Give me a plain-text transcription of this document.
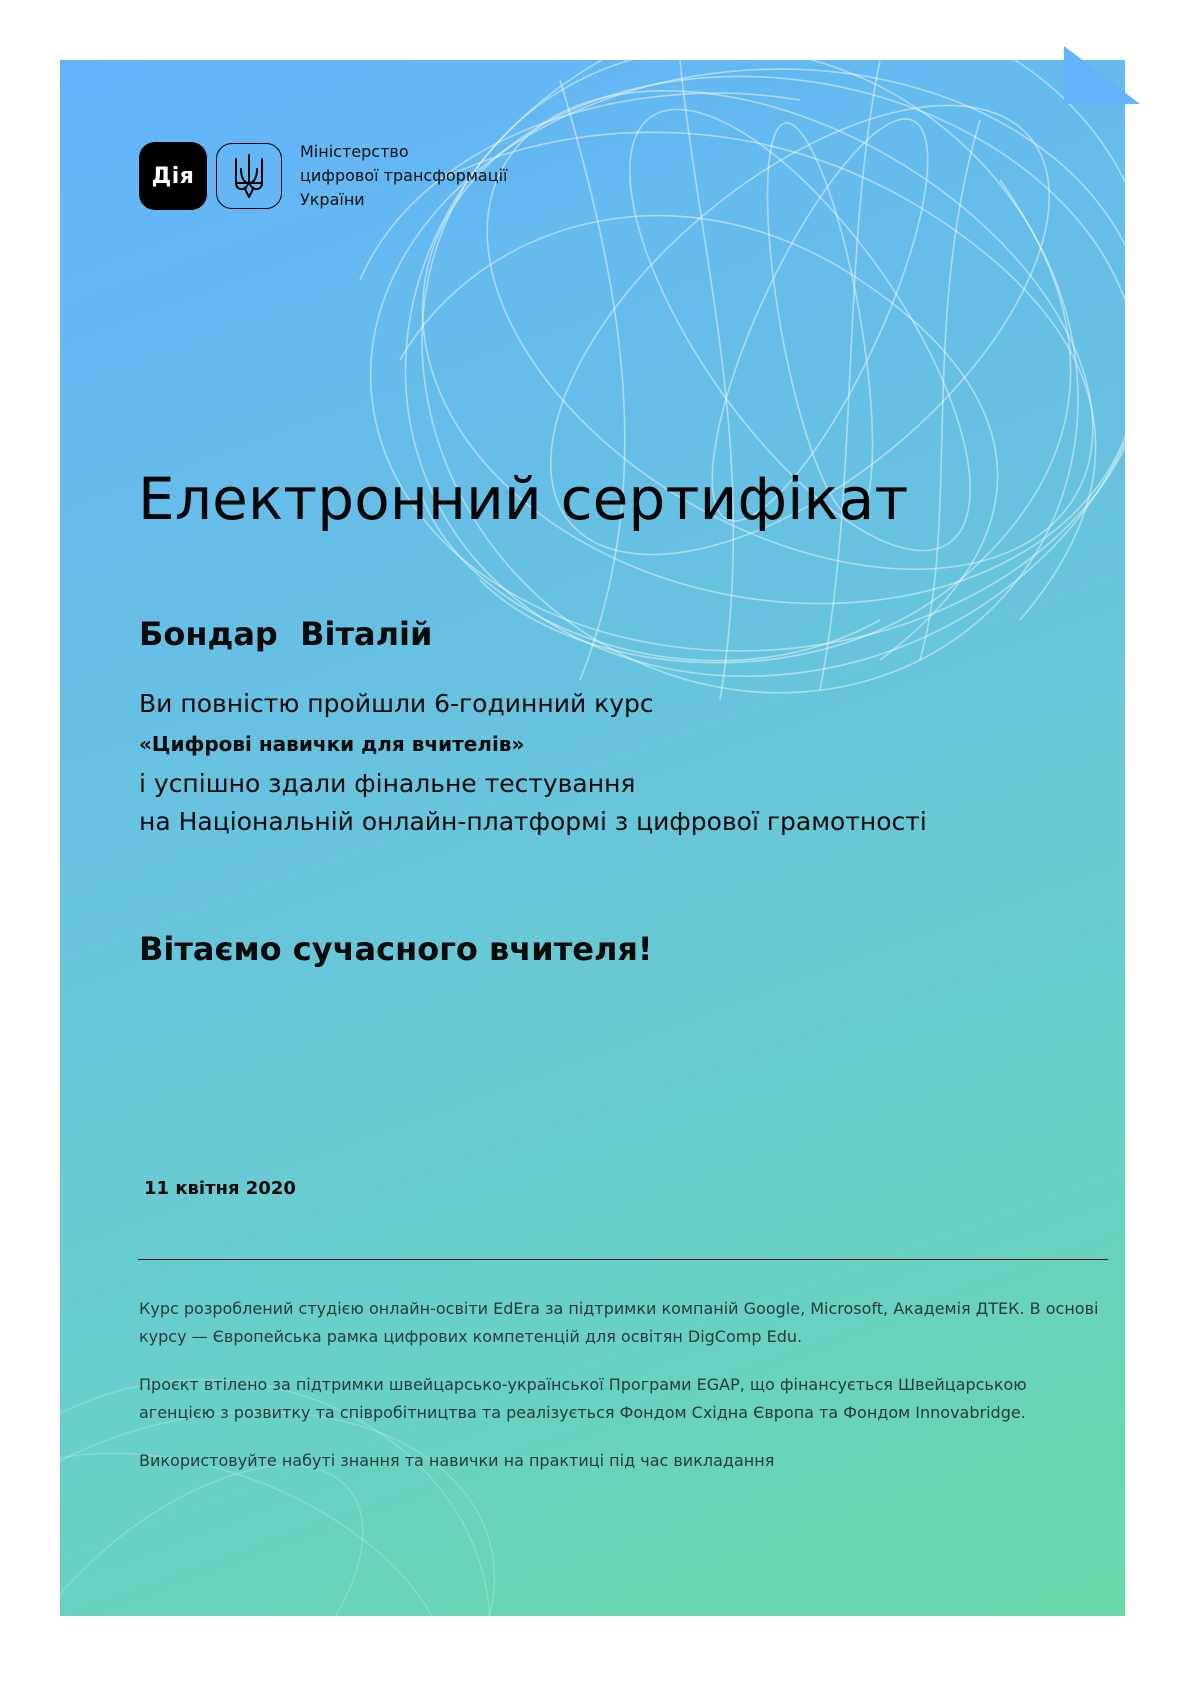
Дія
Міністерство
цифрової трансформації
України
Електронний сертифікат
Бондар  Віталій
Ви повністю пройшли 6-годинний курс
«Цифрові навички для вчителів»
і успішно здали фінальне тестування
на Національній онлайн-платформі з цифрової грамотності
Вітаємо сучасного вчителя!
11 квітня 2020

Курс розроблений студією онлайн-освіти EdEra за підтримки компаній Google, Microsoft, Академія ДТЕК. В основі курсу — Європейська рамка цифрових компетенцій для освітян DigComp Edu.

Проєкт втілено за підтримки швейцарсько-української Програми EGAP, що фінансується Швейцарською агенцією з розвитку та співробітництва та реалізується Фондом Східна Європа та Фондом Innovabridge.

Використовуйте набуті знання та навички на практиці під час викладання
